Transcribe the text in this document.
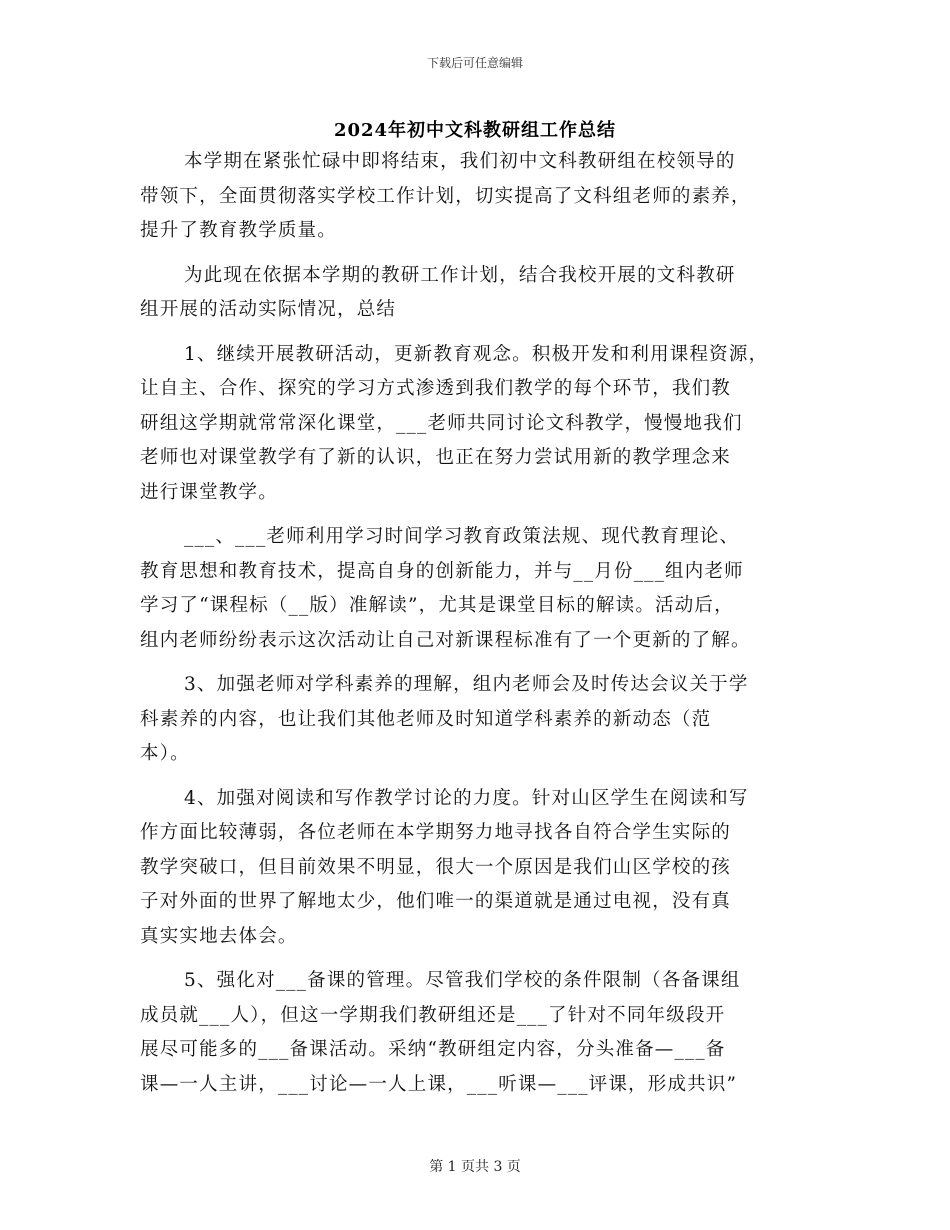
下载后可任意编辑
2024年初中文科教研组工作总结
本学期在紧张忙碌中即将结束，我们初中文科教研组在校领导的
带领下，全面贯彻落实学校工作计划，切实提高了文科组老师的素养，
提升了教育教学质量。
为此现在依据本学期的教研工作计划，结合我校开展的文科教研
组开展的活动实际情况，总结
1、继续开展教研活动，更新教育观念。积极开发和利用课程资源，
让自主、合作、探究的学习方式渗透到我们教学的每个环节，我们教
研组这学期就常常深化课堂，___老师共同讨论文科教学，慢慢地我们
老师也对课堂教学有了新的认识，也正在努力尝试用新的教学理念来
进行课堂教学。
___、___老师利用学习时间学习教育政策法规、现代教育理论、
教育思想和教育技术，提高自身的创新能力，并与__月份___组内老师
学习了“课程标（__版）准解读”，尤其是课堂目标的解读。活动后，
组内老师纷纷表示这次活动让自己对新课程标准有了一个更新的了解。
3、加强老师对学科素养的理解，组内老师会及时传达会议关于学
科素养的内容，也让我们其他老师及时知道学科素养的新动态（范
本）。
4、加强对阅读和写作教学讨论的力度。针对山区学生在阅读和写
作方面比较薄弱，各位老师在本学期努力地寻找各自符合学生实际的
教学突破口，但目前效果不明显，很大一个原因是我们山区学校的孩
子对外面的世界了解地太少，他们唯一的渠道就是通过电视，没有真
真实实地去体会。
5、强化对___备课的管理。尽管我们学校的条件限制（各备课组
成员就___人），但这一学期我们教研组还是___了针对不同年级段开
展尽可能多的___备课活动。采纳“教研组定内容，分头准备—___备
课—一人主讲，___讨论—一人上课，___听课—___评课，形成共识”
第 1 页共 3 页
